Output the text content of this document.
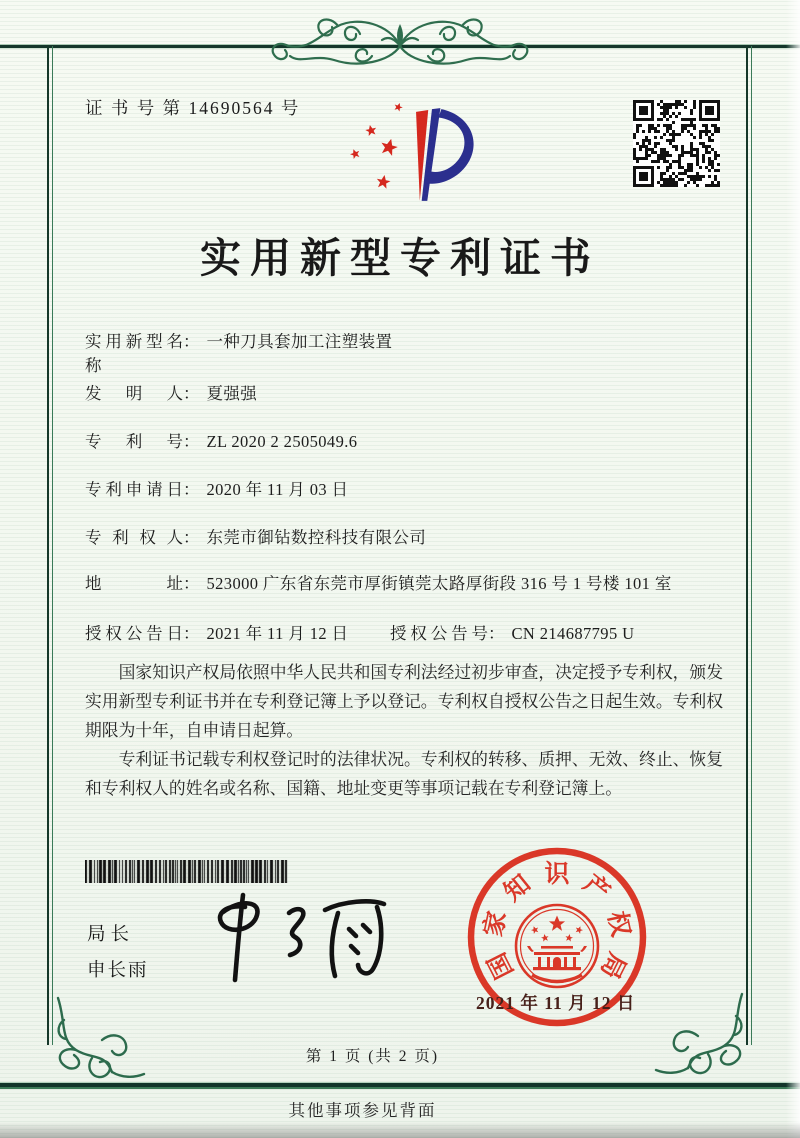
证 书 号 第 14690564 号
实用新型专利证书
实用新型名称
： 一种刀具套加工注塑装置
发明人 ： 夏强强
专利号 ： ZL 2020 2 2505049.6
专利申请日 ： 2020 年 11 月 03 日
专利权人 ： 东莞市御钻数控科技有限公司
地址 ： 523000 广东省东莞市厚街镇莞太路厚街段 316 号 1 号楼 101 室
授权公告日 ： 2021 年 11 月 12 日	授权公告号 ： CN 214687795 U

国家知识产权局依照中华人民共和国专利法经过初步审查，决定授予专利权，颁发实用新型专利证书并在专利登记簿上予以登记。专利权自授权公告之日起生效。专利权期限为十年，自申请日起算。

专利证书记载专利权登记时的法律状况。专利权的转移、质押、无效、终止、恢复和专利权人的姓名或名称、国籍、地址变更等事项记载在专利登记簿上。

局长
申长雨	国
家
知 识 产
权
局
2021 年 11 月 12 日
第 1 页 (共 2 页)
其他事项参见背面
